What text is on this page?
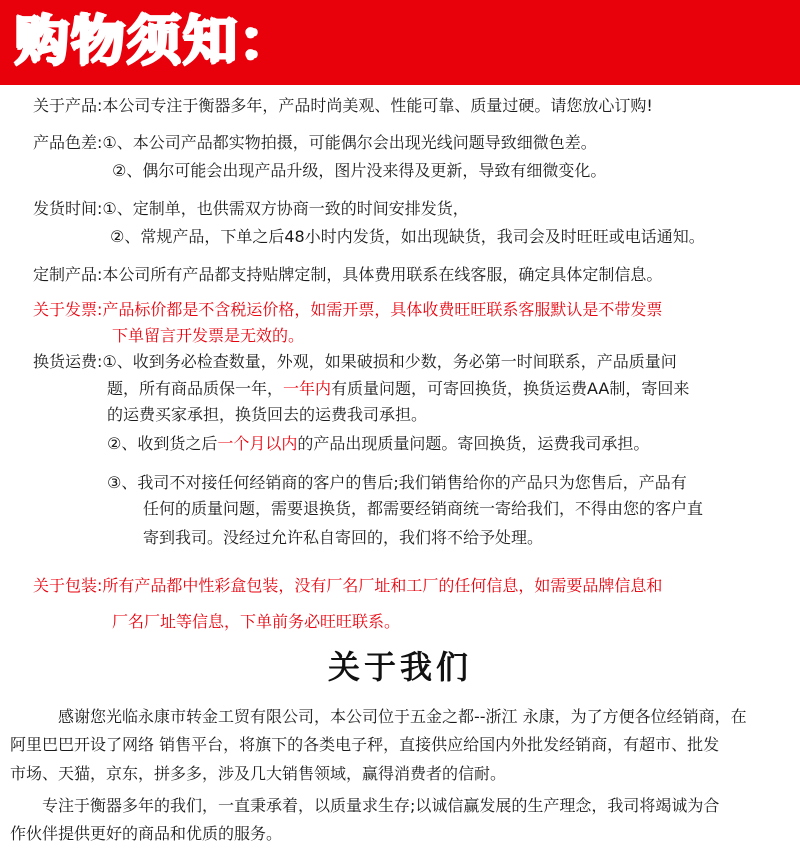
购物须知：
关于产品:本公司专注于衡器多年，产品时尚美观、性能可靠、质量过硬。请您放心订购!
产品色差:①、本公司产品都实物拍摄，可能偶尔会出现光线问题导致细微色差。
②、偶尔可能会出现产品升级，图片没来得及更新，导致有细微变化。
发货时间:①、定制单，也供需双方协商一致的时间安排发货，
②、常规产品，下单之后48小时内发货，如出现缺货，我司会及时旺旺或电话通知。
定制产品:本公司所有产品都支持贴牌定制，具体费用联系在线客服，确定具体定制信息。
关于发票:产品标价都是不含税运价格，如需开票，具体收费旺旺联系客服默认是不带发票
下单留言开发票是无效的。
换货运费:①、收到务必检查数量，外观，如果破损和少数，务必第一时间联系，产品质量问
题，所有商品质保一年，一年内有质量问题，可寄回换货，换货运费AA制，寄回来
的运费买家承担，换货回去的运费我司承担。
②、收到货之后一个月以内的产品出现质量问题。寄回换货，运费我司承担。
③、我司不对接任何经销商的客户的售后;我们销售给你的产品只为您售后，产品有
任何的质量问题，需要退换货，都需要经销商统一寄给我们，不得由您的客户直
寄到我司。没经过允许私自寄回的，我们将不给予处理。
关于包装:所有产品都中性彩盒包装，没有厂名厂址和工厂的任何信息，如需要品牌信息和
厂名厂址等信息，下单前务必旺旺联系。
关于我们
感谢您光临永康市转金工贸有限公司，本公司位于五金之都--浙江 永康，为了方便各位经销商，在
阿里巴巴开设了网络 销售平台，将旗下的各类电子秤，直接供应给国内外批发经销商，有超市、批发
市场、天猫，京东，拼多多，涉及几大销售领域，赢得消费者的信耐。
专注于衡器多年的我们，一直秉承着，以质量求生存;以诚信赢发展的生产理念，我司将竭诚为合
作伙伴提供更好的商品和优质的服务。
